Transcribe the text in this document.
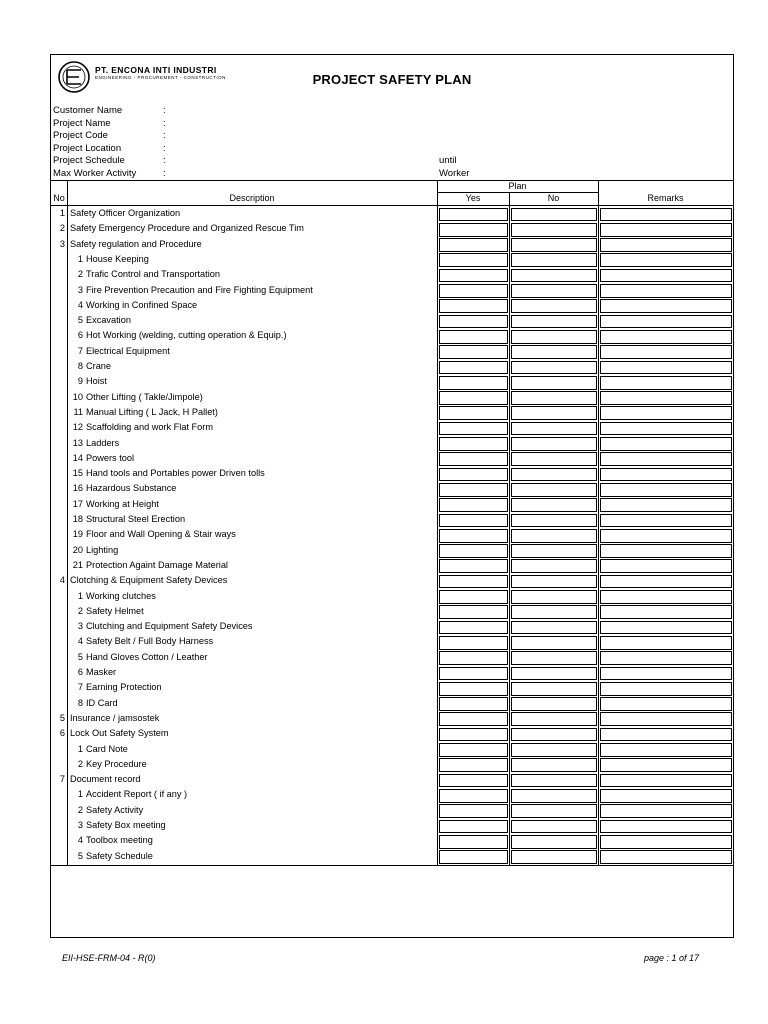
PT. ENCONA INTI INDUSTRI
ENGINEERING - PROCUREMENT - CONSTRUCTION	PROJECT SAFETY PLAN
Customer Name	:
Project Name	:
Project Code	:
Project Location	:
Project Schedule	:	until
Max Worker Activity	:	Worker
No	Description
Plan
Yes	No	Remarks
1 Safety Officer Organization
2 Safety Emergency Procedure and Organized Rescue Tim
3 Safety regulation and Procedure
1 House Keeping
2 Trafic Control and Transportation
3 Fire Prevention Precaution and Fire Fighting Equipment
4 Working in Confined Space
5 Excavation
6 Hot Working (welding, cutting operation & Equip.)
7 Electrical Equipment
8 Crane
9 Hoist
10 Other Lifting ( Takle/Jimpole)
11 Manual Lifting ( L Jack, H Pallet)
12 Scaffolding and work Flat Form
13 Ladders
14 Powers tool
15 Hand tools and Portables power Driven tolls
16 Hazardous Substance
17 Working at Height
18 Structural Steel Erection
19 Floor and Wall Opening & Stair ways
20 Lighting
21 Protection Againt Damage Material
4 Clotching & Equipment Safety Devices
1 Working clutches
2 Safety Helmet
3 Clutching and Equipment Safety Devices
4 Safety Belt / Full Body Harness
5 Hand Gloves Cotton / Leather
6 Masker
7 Earning Protection
8 ID Card
5 Insurance / jamsostek
6 Lock Out Safety System
1 Card Note
2 Key Procedure
7 Document record
1 Accident Report ( if any )
2 Safety Activity
3 Safety Box meeting
4 Toolbox meeting
5 Safety Schedule
EII-HSE-FRM-04 - R(0)	page : 1 of 17
